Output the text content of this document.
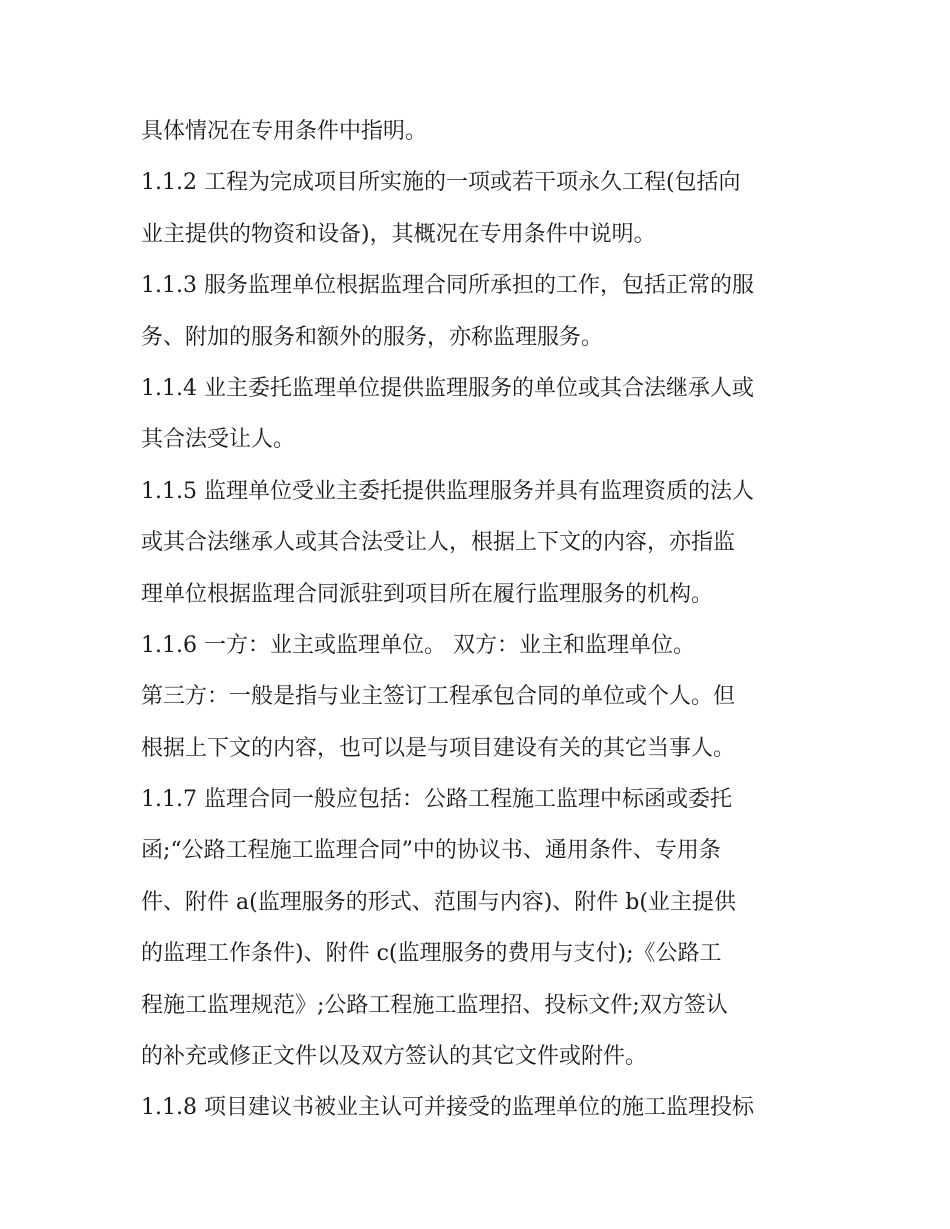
具体情况在专用条件中指明。
1.1.2 工程为完成项目所实施的一项或若干项永久工程(包括向
业主提供的物资和设备)，其概况在专用条件中说明。
1.1.3 服务监理单位根据监理合同所承担的工作，包括正常的服
务、附加的服务和额外的服务，亦称监理服务。
1.1.4 业主委托监理单位提供监理服务的单位或其合法继承人或
其合法受让人。
1.1.5 监理单位受业主委托提供监理服务并具有监理资质的法人
或其合法继承人或其合法受让人，根据上下文的内容，亦指监
理单位根据监理合同派驻到项目所在履行监理服务的机构。
1.1.6 一方：业主或监理单位。 双方：业主和监理单位。
第三方：一般是指与业主签订工程承包合同的单位或个人。但
根据上下文的内容，也可以是与项目建设有关的其它当事人。
1.1.7 监理合同一般应包括：公路工程施工监理中标函或委托
函;“公路工程施工监理合同”中的协议书、通用条件、专用条
件、附件 a(监理服务的形式、范围与内容)、附件 b(业主提供
的监理工作条件)、附件 c(监理服务的费用与支付);《公路工
程施工监理规范》;公路工程施工监理招、投标文件;双方签认
的补充或修正文件以及双方签认的其它文件或附件。
1.1.8 项目建议书被业主认可并接受的监理单位的施工监理投标
